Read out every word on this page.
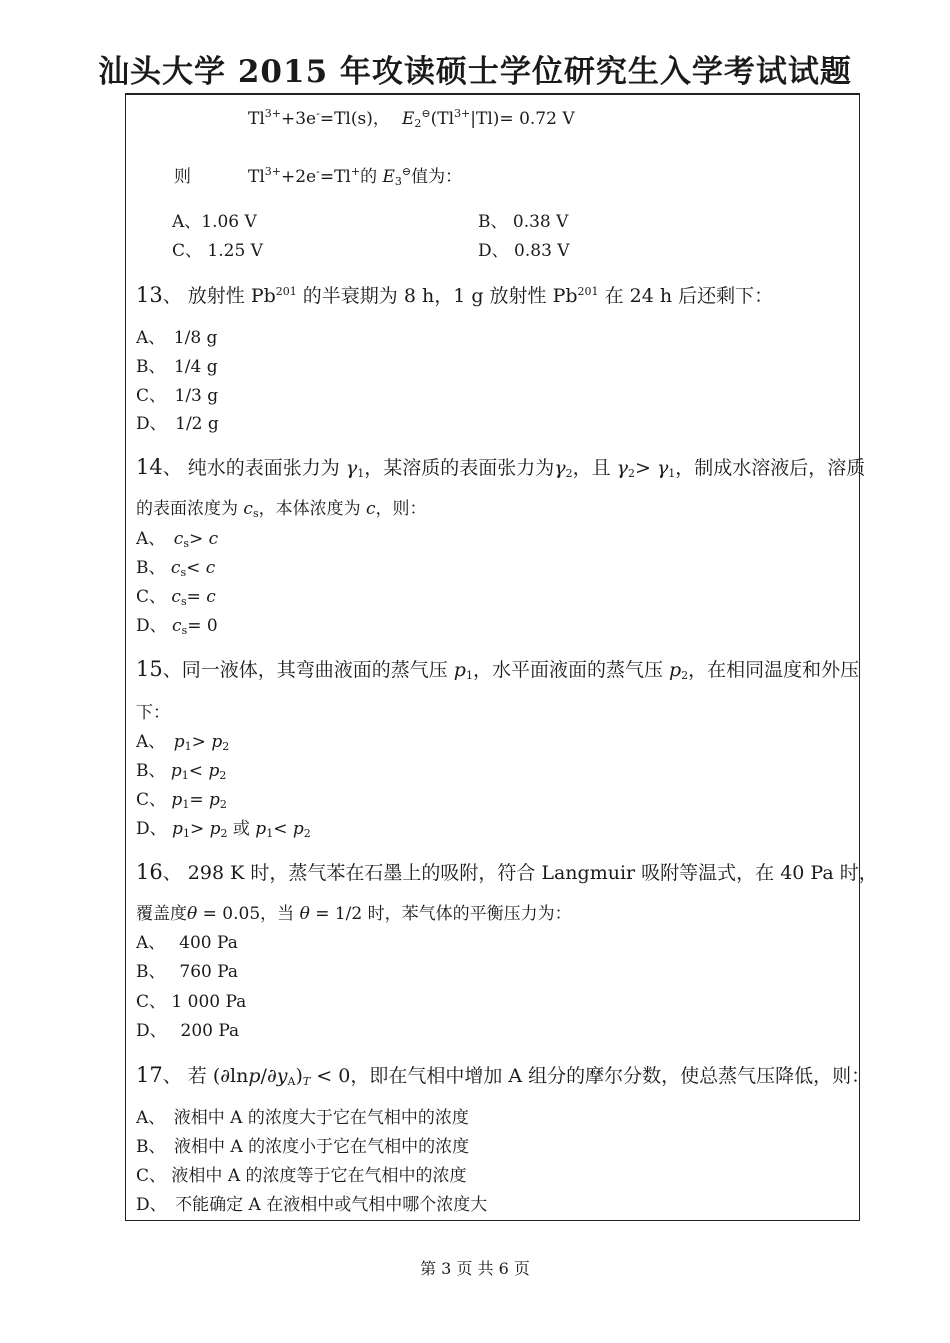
汕头大学 2015 年攻读硕士学位研究生入学考试试题
$Tl^{3+}+3e^-=Tl(s)$， $E_2^⊖(Tl^{3+}|Tl)= 0.72$ V
则	$Tl^{3+}+2e^-=Tl^+$的 $E_3^⊖$值为：
A、1.06 V	B、 0.38 V
C、 1.25 V	D、 0.83 V
13、 放射性 Pb$^{201}$ 的半衰期为 8 h，1 g 放射性 Pb$^{201}$ 在 24 h 后还剩下：
A、　1/8 g
B、　1/4 g
C、　1/3 g
D、　1/2 g
14、 纯水的表面张力为 $\gamma_1$，某溶质的表面张力为$\gamma_2$，且 $\gamma_2> \gamma_1$，制成水溶液后，溶质
的表面浓度为 $c_s$，本体浓度为 c，则：
A、　$c_s> c$
B、 $c_s< c$
C、 $c_s= c$
D、 $c_s= 0$
15、同一液体，其弯曲液面的蒸气压 $p_1$，水平面液面的蒸气压 $p_2$，在相同温度和外压
下：
A、　$p_1> p_2$
B、 $p_1< p_2$
C、 $p_1= p_2$
D、 $p_1> p_2$ 或 $p_1< p_2$
16、 298 K 时，蒸气苯在石墨上的吸附，符合 Langmuir 吸附等温式，在 40 Pa 时，
覆盖度θ = 0.05，当 θ = 1/2 时，苯气体的平衡压力为：
A、　 400 Pa
B、　 760 Pa
C、 1 000 Pa
D、　 200 Pa
17、 若 $(\partial\ln p/\partial y_A)_T < 0$，即在气相中增加 A 组分的摩尔分数，使总蒸气压降低，则：
A、　液相中 A 的浓度大于它在气相中的浓度
B、　液相中 A 的浓度小于它在气相中的浓度
C、 液相中 A 的浓度等于它在气相中的浓度
D、　不能确定 A 在液相中或气相中哪个浓度大
第 3 页 共 6 页
